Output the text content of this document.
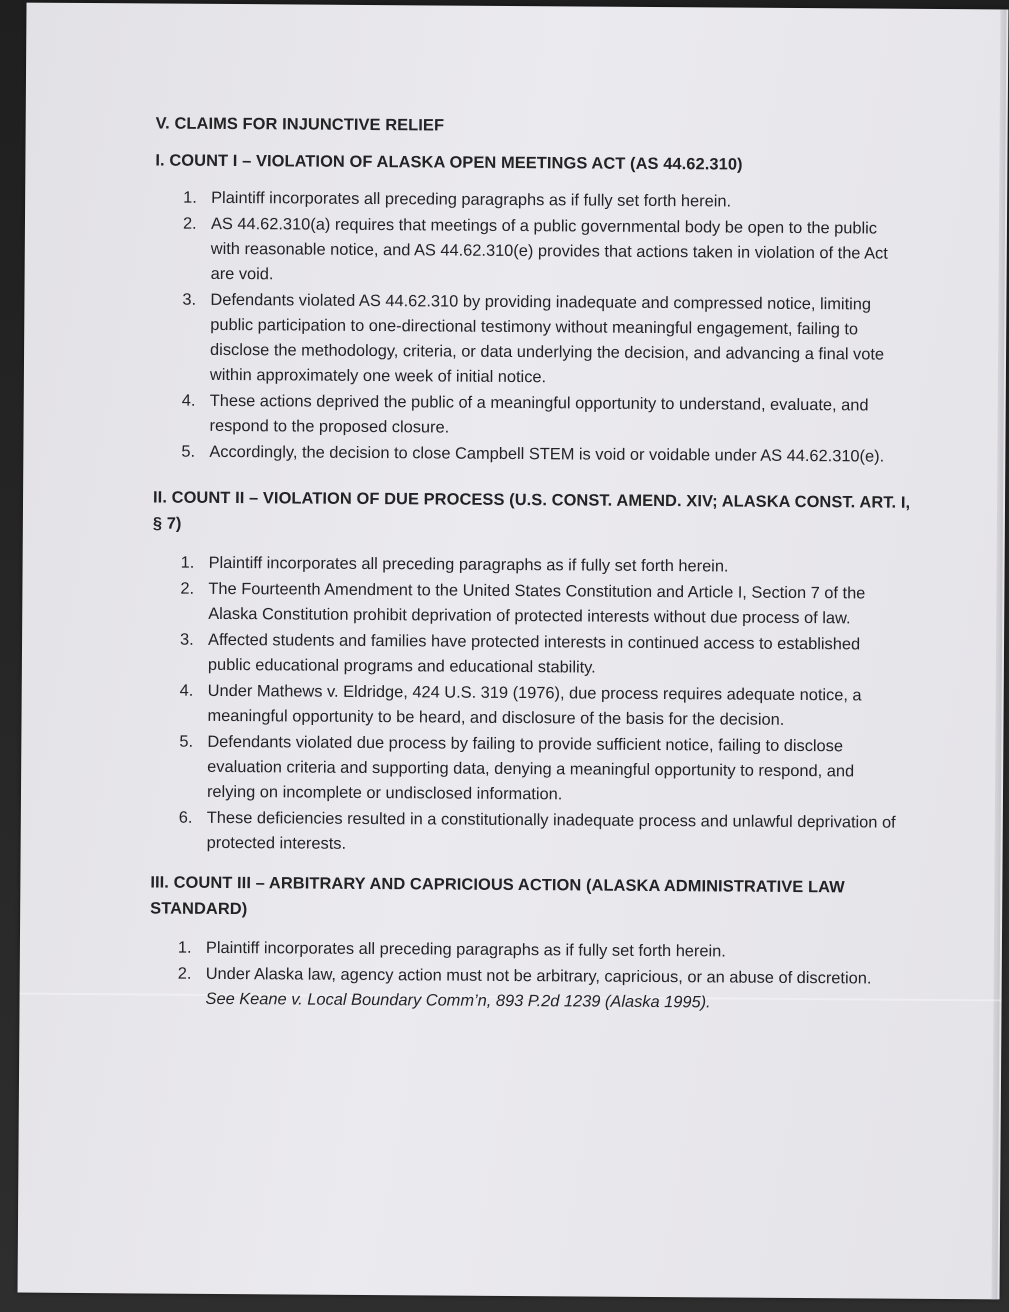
V. CLAIMS FOR INJUNCTIVE RELIEF

I. COUNT I – VIOLATION OF ALASKA OPEN MEETINGS ACT (AS 44.62.310)

1. Plaintiff incorporates all preceding paragraphs as if fully set forth herein.
2. AS 44.62.310(a) requires that meetings of a public governmental body be open to the public with reasonable notice, and AS 44.62.310(e) provides that actions taken in violation of the Act are void.
3. Defendants violated AS 44.62.310 by providing inadequate and compressed notice, limiting public participation to one-directional testimony without meaningful engagement, failing to disclose the methodology, criteria, or data underlying the decision, and advancing a final vote within approximately one week of initial notice.
4. These actions deprived the public of a meaningful opportunity to understand, evaluate, and respond to the proposed closure.
5. Accordingly, the decision to close Campbell STEM is void or voidable under AS 44.62.310(e).

II. COUNT II – VIOLATION OF DUE PROCESS (U.S. CONST. AMEND. XIV; ALASKA CONST. ART. I, § 7)

1. Plaintiff incorporates all preceding paragraphs as if fully set forth herein.
2. The Fourteenth Amendment to the United States Constitution and Article I, Section 7 of the Alaska Constitution prohibit deprivation of protected interests without due process of law.
3. Affected students and families have protected interests in continued access to established public educational programs and educational stability.
4. Under Mathews v. Eldridge, 424 U.S. 319 (1976), due process requires adequate notice, a meaningful opportunity to be heard, and disclosure of the basis for the decision.
5. Defendants violated due process by failing to provide sufficient notice, failing to disclose evaluation criteria and supporting data, denying a meaningful opportunity to respond, and relying on incomplete or undisclosed information.
6. These deficiencies resulted in a constitutionally inadequate process and unlawful deprivation of protected interests.

III. COUNT III – ARBITRARY AND CAPRICIOUS ACTION (ALASKA ADMINISTRATIVE LAW STANDARD)

1. Plaintiff incorporates all preceding paragraphs as if fully set forth herein.
2. Under Alaska law, agency action must not be arbitrary, capricious, or an abuse of discretion. See Keane v. Local Boundary Comm’n, 893 P.2d 1239 (Alaska 1995).
